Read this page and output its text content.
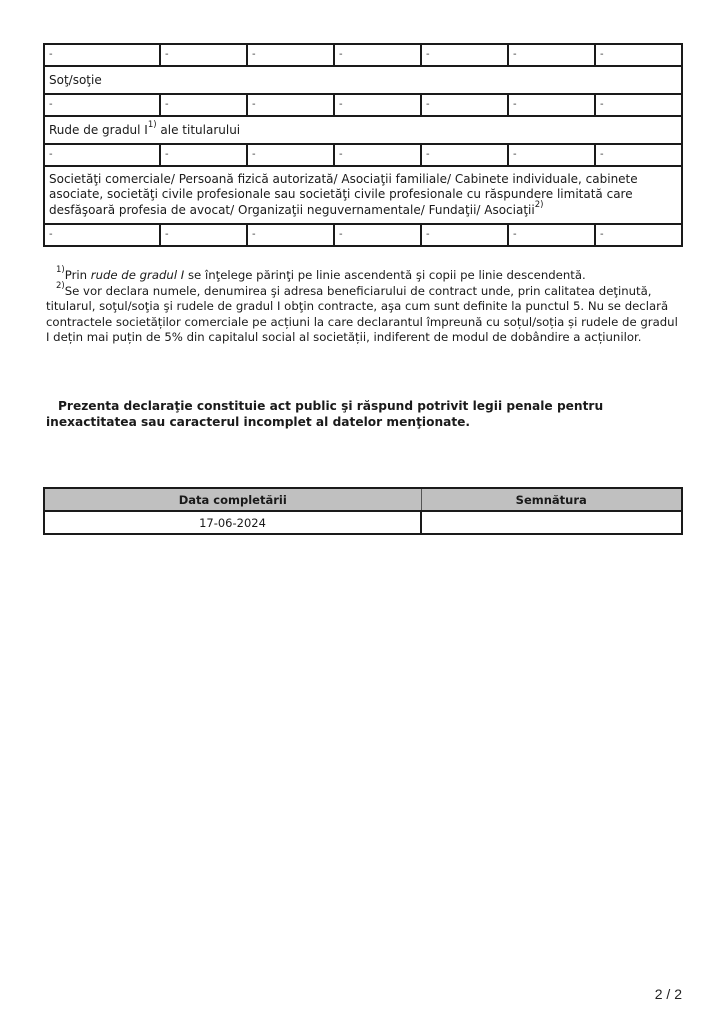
-	-	-	-	-	-	-
Soţ/soţie						
-	-	-	-	-	-	-
Rude de gradul $I^{1)}$ ale titularului						
-	-	-	-	-	-	-
Societăţi comerciale/ Persoană fizică autorizată/ Asociaţii familiale/ Cabinete individuale, cabinete asociate, societăţi civile profesionale sau societăţi civile profesionale cu răspundere limitată care desfăşoară profesia de avocat/ Organizaţii neguvernamentale/ Fundaţii/ Asociaţii$^{2)}$
-	-	-	-	-	-	-

$^{1)}$Prin rude de gradul I se înţelege părinţi pe linie ascendentă şi copii pe linie descendentă.

$^{2)}$Se vor declara numele, denumirea şi adresa beneficiarului de contract unde, prin calitatea deţinută, titularul, soţul/soţia şi rudele de gradul I obţin contracte, aşa cum sunt definite la punctul 5. Nu se declară contractele societăților comerciale pe acțiuni la care declarantul împreună cu soțul/soția și rudele de gradul I dețin mai puțin de 5% din capitalul social al societății, indiferent de modul de dobândire a acțiunilor.

Prezenta declaraţie constituie act public şi răspund potrivit legii penale pentru inexactitatea sau caracterul incomplet al datelor menţionate.

Data completării	Semnătura
17-06-2024	
2 / 2
